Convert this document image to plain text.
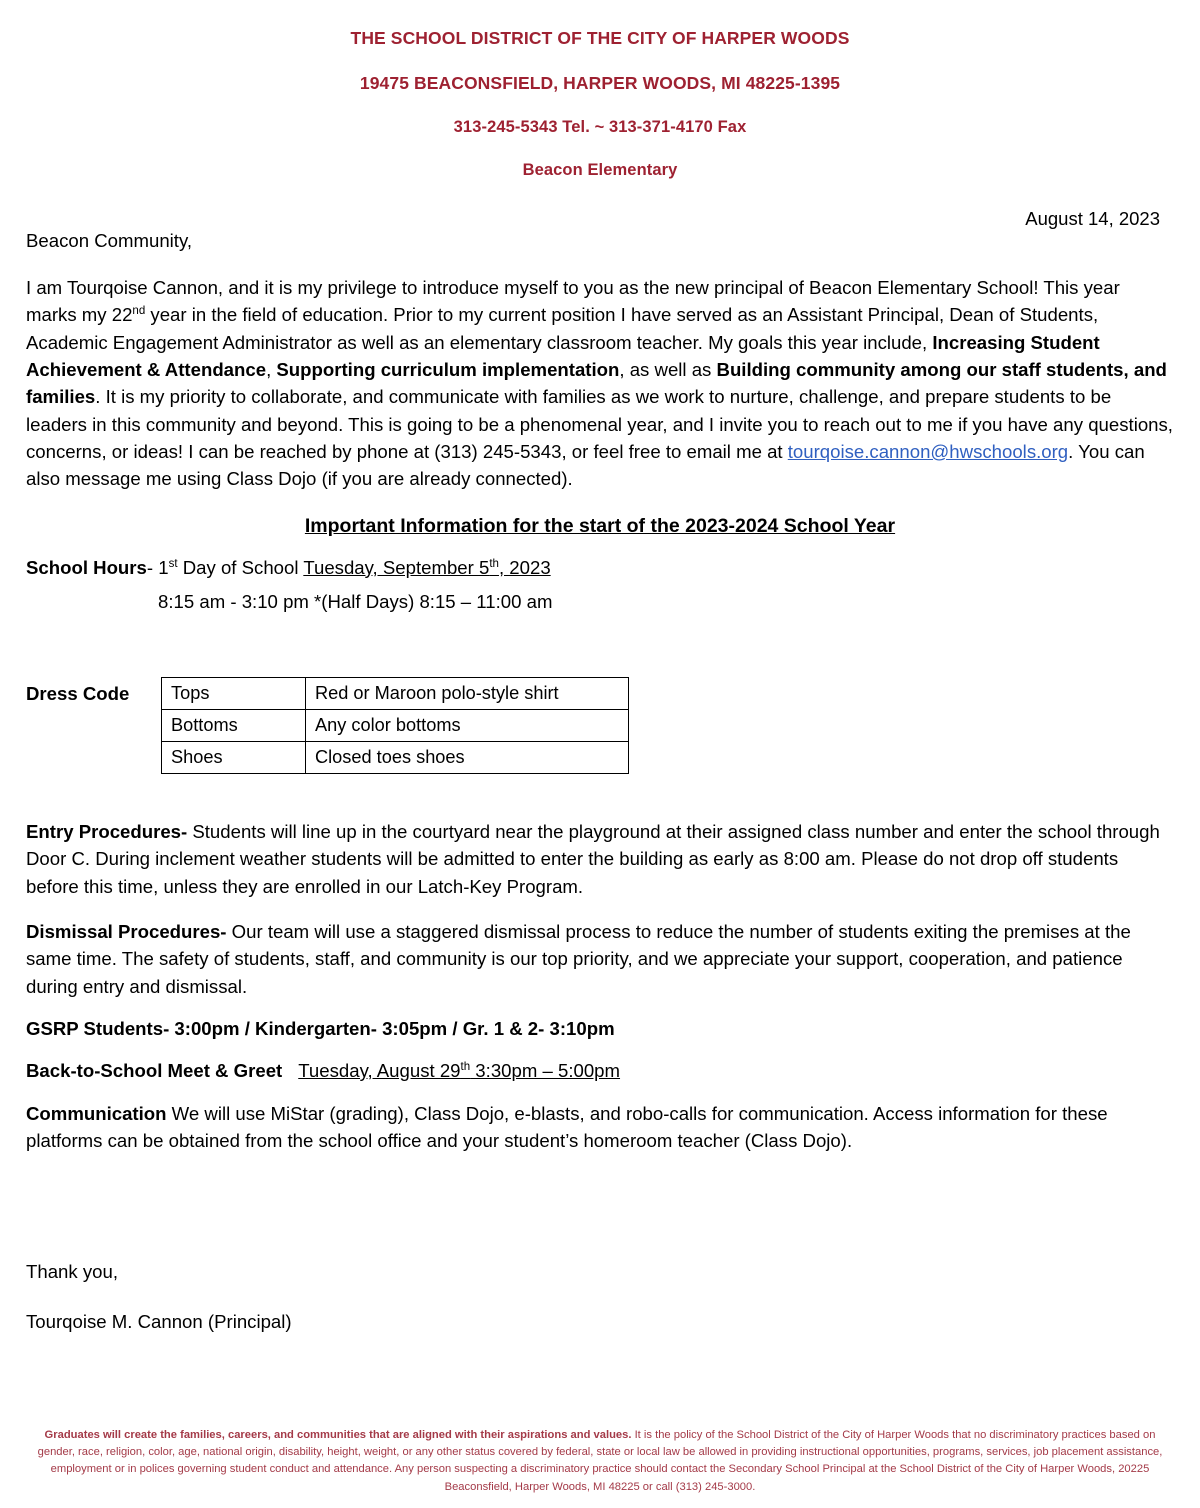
THE SCHOOL DISTRICT OF THE CITY OF HARPER WOODS
19475 BEACONSFIELD, HARPER WOODS, MI 48225-1395
313-245-5343 Tel. ~ 313-371-4170 Fax
Beacon Elementary
August 14, 2023
Beacon Community,

I am Tourqoise Cannon, and it is my privilege to introduce myself to you as the new principal of Beacon Elementary School! This year marks my 22nd year in the field of education. Prior to my current position I have served as an Assistant Principal, Dean of Students, Academic Engagement Administrator as well as an elementary classroom teacher. My goals this year include, Increasing Student Achievement & Attendance, Supporting curriculum implementation, as well as Building community among our staff students, and families. It is my priority to collaborate, and communicate with families as we work to nurture, challenge, and prepare students to be leaders in this community and beyond. This is going to be a phenomenal year, and I invite you to reach out to me if you have any questions, concerns, or ideas! I can be reached by phone at (313) 245-5343, or feel free to email me at tourqoise.cannon@hwschools.org. You can also message me using Class Dojo (if you are already connected).

Important Information for the start of the 2023-2024 School Year
School Hours- 1st Day of School Tuesday, September 5th, 2023
8:15 am - 3:10 pm *(Half Days) 8:15 – 11:00 am
Dress Code	Tops	Red or Maroon polo-style shirt
Bottoms	Any color bottoms
Shoes	Closed toes shoes

Entry Procedures- Students will line up in the courtyard near the playground at their assigned class number and enter the school through Door C. During inclement weather students will be admitted to enter the building as early as 8:00 am. Please do not drop off students before this time, unless they are enrolled in our Latch-Key Program.

Dismissal Procedures- Our team will use a staggered dismissal process to reduce the number of students exiting the premises at the same time. The safety of students, staff, and community is our top priority, and we appreciate your support, cooperation, and patience during entry and dismissal.

GSRP Students- 3:00pm / Kindergarten- 3:05pm / Gr. 1 & 2- 3:10pm
Back-to-School Meet & Greet Tuesday, August 29th 3:30pm – 5:00pm

Communication We will use MiStar (grading), Class Dojo, e-blasts, and robo-calls for communication. Access information for these platforms can be obtained from the school office and your student’s homeroom teacher (Class Dojo).

Thank you,
Tourqoise M. Cannon (Principal)
Graduates will create the families, careers, and communities that are aligned with their aspirations and values. It is the policy of the School District of the City of Harper Woods that no discriminatory practices based on gender, race, religion, color, age, national origin, disability, height, weight, or any other status covered by federal, state or local law be allowed in providing instructional opportunities, programs, services, job placement assistance, employment or in polices governing student conduct and attendance. Any person suspecting a discriminatory practice should contact the Secondary School Principal at the School District of the City of Harper Woods, 20225 Beaconsfield, Harper Woods, MI 48225 or call (313) 245-3000.
